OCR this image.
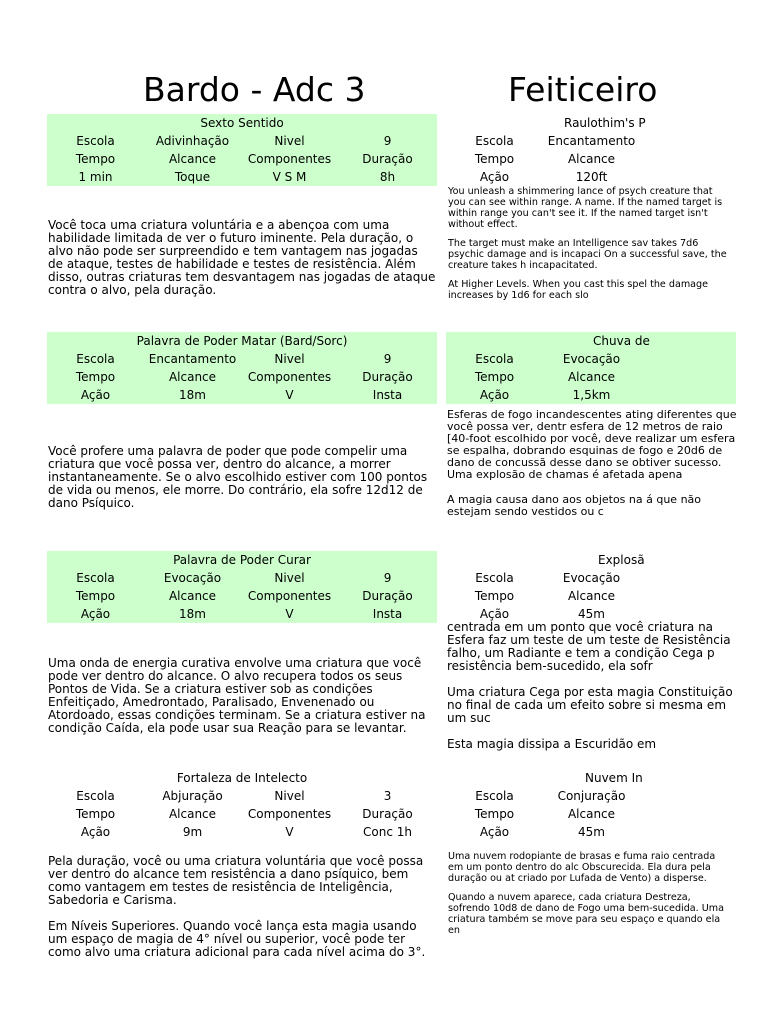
Bardo - Adc 3
Sexto Sentido			
Escola	Adivinhação	Nivel	9
Tempo	Alcance	Componentes	Duração
1 min	Toque	V S M	8h

Você toca uma criatura voluntária e a abençoa com uma habilidade limitada de ver o futuro iminente. Pela duração, o alvo não pode ser surpreendido e tem vantagem nas jogadas de ataque, testes de habilidade e testes de resistência. Além disso, outras criaturas tem desvantagem nas jogadas de ataque contra o alvo, pela duração.

Palavra de Poder Matar (Bard/Sorc)			
Escola	Encantamento	Nivel	9
Tempo	Alcance	Componentes	Duração
Ação	18m	V	Insta

Você profere uma palavra de poder que pode compelir uma criatura que você possa ver, dentro do alcance, a morrer instantaneamente. Se o alvo escolhido estiver com 100 pontos de vida ou menos, ele morre. Do contrário, ela sofre 12d12 de dano Psíquico.

Palavra de Poder Curar			
Escola	Evocação	Nivel	9
Tempo	Alcance	Componentes	Duração
Ação	18m	V	Insta

Uma onda de energia curativa envolve uma criatura que você pode ver dentro do alcance. O alvo recupera todos os seus Pontos de Vida. Se a criatura estiver sob as condições Enfeitiçado, Amedrontado, Paralisado, Envenenado ou Atordoado, essas condições terminam. Se a criatura estiver na condição Caída, ela pode usar sua Reação para se levantar.

Fortaleza de Intelecto			
Escola	Abjuração	Nivel	3
Tempo	Alcance	Componentes	Duração
Ação	9m	V	Conc 1h

Pela duração, você ou uma criatura voluntária que você possa ver dentro do alcance tem resistência a dano psíquico, bem como vantagem em testes de resistência de Inteligência, Sabedoria e Carisma.

Em Níveis Superiores. Quando você lança esta magia usando um espaço de magia de 4° nível ou superior, você pode ter como alvo uma criatura adicional para cada nível acima do 3°.

Feiticeiro
Raulothim's P		
Escola	Encantamento	
Tempo	Alcance	
Ação	120ft	

You unleash a shimmering lance of psych creature that you can see within range. A name. If the named target is within range you can't see it. If the named target isn't without effect.

The target must make an Intelligence sav takes 7d6 psychic damage and is incapaci On a successful save, the creature takes h incapacitated.

At Higher Levels. When you cast this spel the damage increases by 1d6 for each slo

Chuva de		
Escola	Evocação	
Tempo	Alcance	
Ação	1,5km	

Esferas de fogo incandescentes ating diferentes que você possa ver, dentr esfera de 12 metros de raio [40-foot escolhido por você, deve realizar um esfera se espalha, dobrando esquinas de fogo e 20d6 de dano de concussã desse dano se obtiver sucesso. Uma explosão de chamas é afetada apena

A magia causa dano aos objetos na á que não estejam sendo vestidos ou c

Explosã		
Escola	Evocação	
Tempo	Alcance	
Ação	45m	

centrada em um ponto que você criatura na Esfera faz um teste de um teste de Resistência falho, um Radiante e tem a condição Cega p resistência bem-sucedido, ela sofr

Uma criatura Cega por esta magia Constituição no final de cada um efeito sobre si mesma em um suc

Esta magia dissipa a Escuridão em

Nuvem In		
Escola	Conjuração	
Tempo	Alcance	
Ação	45m	

Uma nuvem rodopiante de brasas e fuma raio centrada em um ponto dentro do alc Obscurecida. Ela dura pela duração ou at criado por Lufada de Vento) a disperse.

Quando a nuvem aparece, cada criatura Destreza, sofrendo 10d8 de dano de Fogo uma bem-sucedida. Uma criatura também se move para seu espaço e quando ela en
